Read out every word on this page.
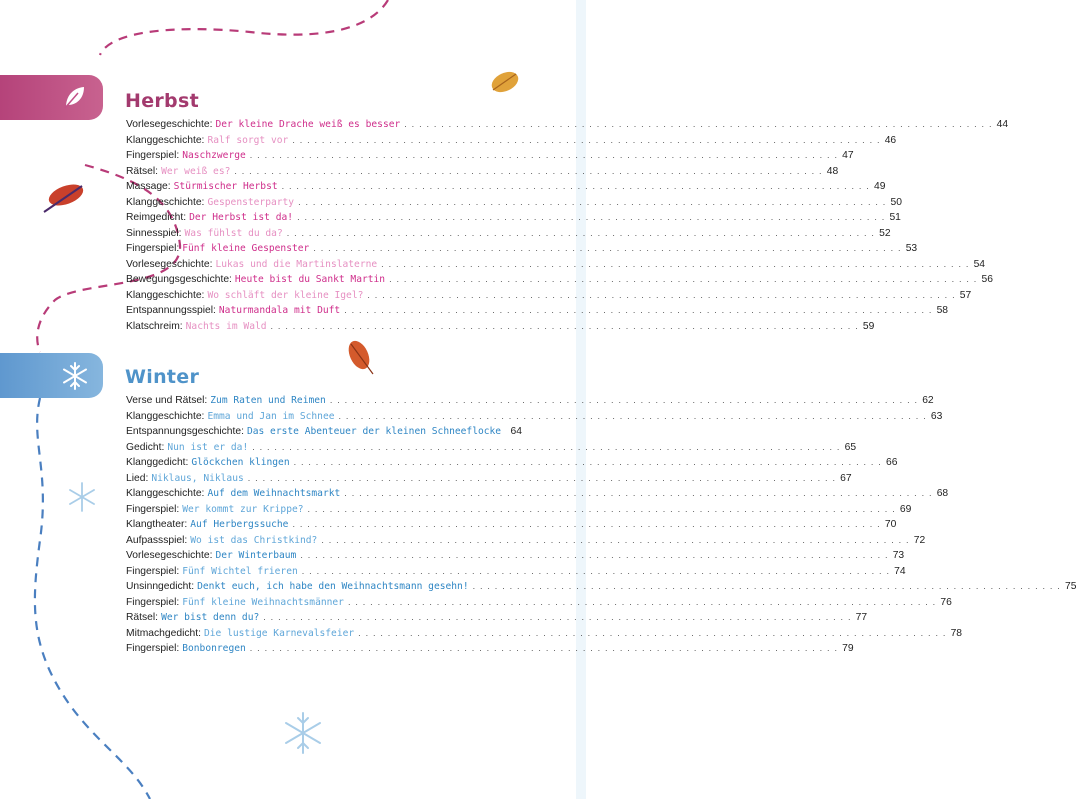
Herbst
Winter
Vorlesegeschichte: Der kleine Drache weiß es besser . . . . . . . . . . . . . . . . . . . . . . . . . . . . . . . . . . . . . . . . . . . . . . . . . . . . . . . . . . . . . . . . . . . . . . . . . . . . . . . . 44
Klanggeschichte: Ralf sorgt vor . . . . . . . . . . . . . . . . . . . . . . . . . . . . . . . . . . . . . . . . . . . . . . . . . . . . . . . . . . . . . . . . . . . . . . . . . . . . . . . . 46
Fingerspiel: Naschzwerge . . . . . . . . . . . . . . . . . . . . . . . . . . . . . . . . . . . . . . . . . . . . . . . . . . . . . . . . . . . . . . . . . . . . . . . . . . . . . . . . 47
Rätsel: Wer weiß es? . . . . . . . . . . . . . . . . . . . . . . . . . . . . . . . . . . . . . . . . . . . . . . . . . . . . . . . . . . . . . . . . . . . . . . . . . . . . . . . . 48
Massage: Stürmischer Herbst . . . . . . . . . . . . . . . . . . . . . . . . . . . . . . . . . . . . . . . . . . . . . . . . . . . . . . . . . . . . . . . . . . . . . . . . . . . . . . . . 49
Klanggeschichte: Gespensterparty . . . . . . . . . . . . . . . . . . . . . . . . . . . . . . . . . . . . . . . . . . . . . . . . . . . . . . . . . . . . . . . . . . . . . . . . . . . . . . . . 50
Reimgedicht: Der Herbst ist da! . . . . . . . . . . . . . . . . . . . . . . . . . . . . . . . . . . . . . . . . . . . . . . . . . . . . . . . . . . . . . . . . . . . . . . . . . . . . . . . . 51
Sinnesspiel: Was fühlst du da? . . . . . . . . . . . . . . . . . . . . . . . . . . . . . . . . . . . . . . . . . . . . . . . . . . . . . . . . . . . . . . . . . . . . . . . . . . . . . . . . 52
Fingerspiel: Fünf kleine Gespenster . . . . . . . . . . . . . . . . . . . . . . . . . . . . . . . . . . . . . . . . . . . . . . . . . . . . . . . . . . . . . . . . . . . . . . . . . . . . . . . . 53
Vorlesegeschichte: Lukas und die Martinslaterne . . . . . . . . . . . . . . . . . . . . . . . . . . . . . . . . . . . . . . . . . . . . . . . . . . . . . . . . . . . . . . . . . . . . . . . . . . . . . . . . 54
Bewegungsgeschichte: Heute bist du Sankt Martin . . . . . . . . . . . . . . . . . . . . . . . . . . . . . . . . . . . . . . . . . . . . . . . . . . . . . . . . . . . . . . . . . . . . . . . . . . . . . . . . 56
Klanggeschichte: Wo schläft der kleine Igel? . . . . . . . . . . . . . . . . . . . . . . . . . . . . . . . . . . . . . . . . . . . . . . . . . . . . . . . . . . . . . . . . . . . . . . . . . . . . . . . . 57
Entspannungsspiel: Naturmandala mit Duft . . . . . . . . . . . . . . . . . . . . . . . . . . . . . . . . . . . . . . . . . . . . . . . . . . . . . . . . . . . . . . . . . . . . . . . . . . . . . . . . 58
Klatschreim: Nachts im Wald . . . . . . . . . . . . . . . . . . . . . . . . . . . . . . . . . . . . . . . . . . . . . . . . . . . . . . . . . . . . . . . . . . . . . . . . . . . . . . . . 59
Verse und Rätsel: Zum Raten und Reimen . . . . . . . . . . . . . . . . . . . . . . . . . . . . . . . . . . . . . . . . . . . . . . . . . . . . . . . . . . . . . . . . . . . . . . . . . . . . . . . . 62
Klanggeschichte: Emma und Jan im Schnee . . . . . . . . . . . . . . . . . . . . . . . . . . . . . . . . . . . . . . . . . . . . . . . . . . . . . . . . . . . . . . . . . . . . . . . . . . . . . . . . 63
Entspannungsgeschichte: Das erste Abenteuer der kleinen Schneeflocke 64
Gedicht: Nun ist er da! . . . . . . . . . . . . . . . . . . . . . . . . . . . . . . . . . . . . . . . . . . . . . . . . . . . . . . . . . . . . . . . . . . . . . . . . . . . . . . . . 65
Klanggedicht: Glöckchen klingen . . . . . . . . . . . . . . . . . . . . . . . . . . . . . . . . . . . . . . . . . . . . . . . . . . . . . . . . . . . . . . . . . . . . . . . . . . . . . . . . 66
Lied: Niklaus, Niklaus . . . . . . . . . . . . . . . . . . . . . . . . . . . . . . . . . . . . . . . . . . . . . . . . . . . . . . . . . . . . . . . . . . . . . . . . . . . . . . . . 67
Klanggeschichte: Auf dem Weihnachtsmarkt . . . . . . . . . . . . . . . . . . . . . . . . . . . . . . . . . . . . . . . . . . . . . . . . . . . . . . . . . . . . . . . . . . . . . . . . . . . . . . . . 68
Fingerspiel: Wer kommt zur Krippe? . . . . . . . . . . . . . . . . . . . . . . . . . . . . . . . . . . . . . . . . . . . . . . . . . . . . . . . . . . . . . . . . . . . . . . . . . . . . . . . . 69
Klangtheater: Auf Herbergssuche . . . . . . . . . . . . . . . . . . . . . . . . . . . . . . . . . . . . . . . . . . . . . . . . . . . . . . . . . . . . . . . . . . . . . . . . . . . . . . . . 70
Aufpassspiel: Wo ist das Christkind? . . . . . . . . . . . . . . . . . . . . . . . . . . . . . . . . . . . . . . . . . . . . . . . . . . . . . . . . . . . . . . . . . . . . . . . . . . . . . . . . 72
Vorlesegeschichte: Der Winterbaum . . . . . . . . . . . . . . . . . . . . . . . . . . . . . . . . . . . . . . . . . . . . . . . . . . . . . . . . . . . . . . . . . . . . . . . . . . . . . . . . 73
Fingerspiel: Fünf Wichtel frieren . . . . . . . . . . . . . . . . . . . . . . . . . . . . . . . . . . . . . . . . . . . . . . . . . . . . . . . . . . . . . . . . . . . . . . . . . . . . . . . . 74
Unsinngedicht: Denkt euch, ich habe den Weihnachtsmann gesehn! . . . . . . . . . . . . . . . . . . . . . . . . . . . . . . . . . . . . . . . . . . . . . . . . . . . . . . . . . . . . . . . . . . . . . . . . . . . . . . . . 75
Fingerspiel: Fünf kleine Weihnachtsmänner . . . . . . . . . . . . . . . . . . . . . . . . . . . . . . . . . . . . . . . . . . . . . . . . . . . . . . . . . . . . . . . . . . . . . . . . . . . . . . . . 76
Rätsel: Wer bist denn du? . . . . . . . . . . . . . . . . . . . . . . . . . . . . . . . . . . . . . . . . . . . . . . . . . . . . . . . . . . . . . . . . . . . . . . . . . . . . . . . . 77
Mitmachgedicht: Die lustige Karnevalsfeier . . . . . . . . . . . . . . . . . . . . . . . . . . . . . . . . . . . . . . . . . . . . . . . . . . . . . . . . . . . . . . . . . . . . . . . . . . . . . . . . 78
Fingerspiel: Bonbonregen . . . . . . . . . . . . . . . . . . . . . . . . . . . . . . . . . . . . . . . . . . . . . . . . . . . . . . . . . . . . . . . . . . . . . . . . . . . . . . . . 79
